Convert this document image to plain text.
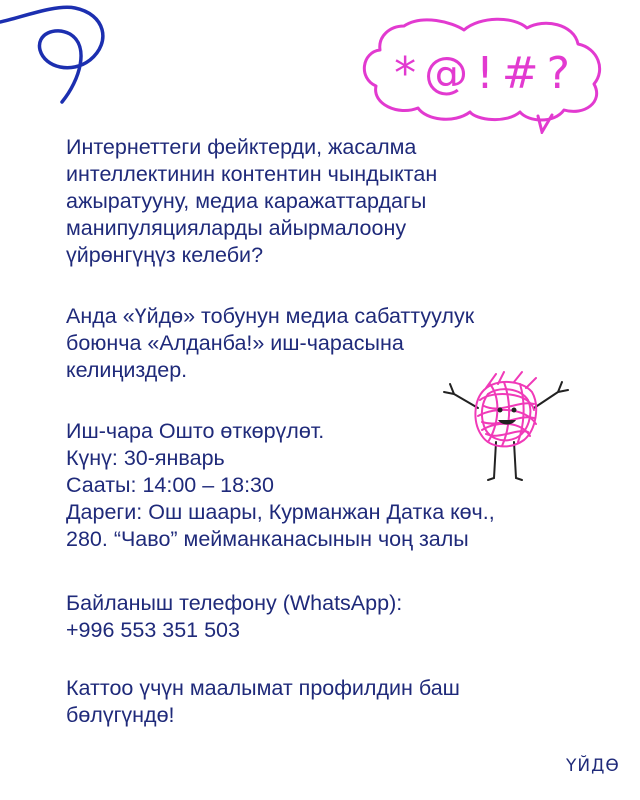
*@!#?

Интернеттеги фейктерди, жасалма
интеллектинин контентин чындыктан
ажыратууну, медиа каражаттардагы
манипуляцияларды айырмалоону
үйрөнгүңүз келеби?

Анда «Үйдө» тобунун медиа сабаттуулук
боюнча «Алданба!» иш-чарасына
келиңиздер.

Иш-чара Ошто өткөрүлөт.
Күнү: 30-январь
Сааты: 14:00 – 18:30
Дареги: Ош шаары, Курманжан Датка көч.,
280. “Чаво” мейманканасынын чоң залы

Байланыш телефону (WhatsApp):
+996 553 351 503

Каттоо үчүн маалымат профилдин баш
бөлүгүндө!

ҮЙДӨ
